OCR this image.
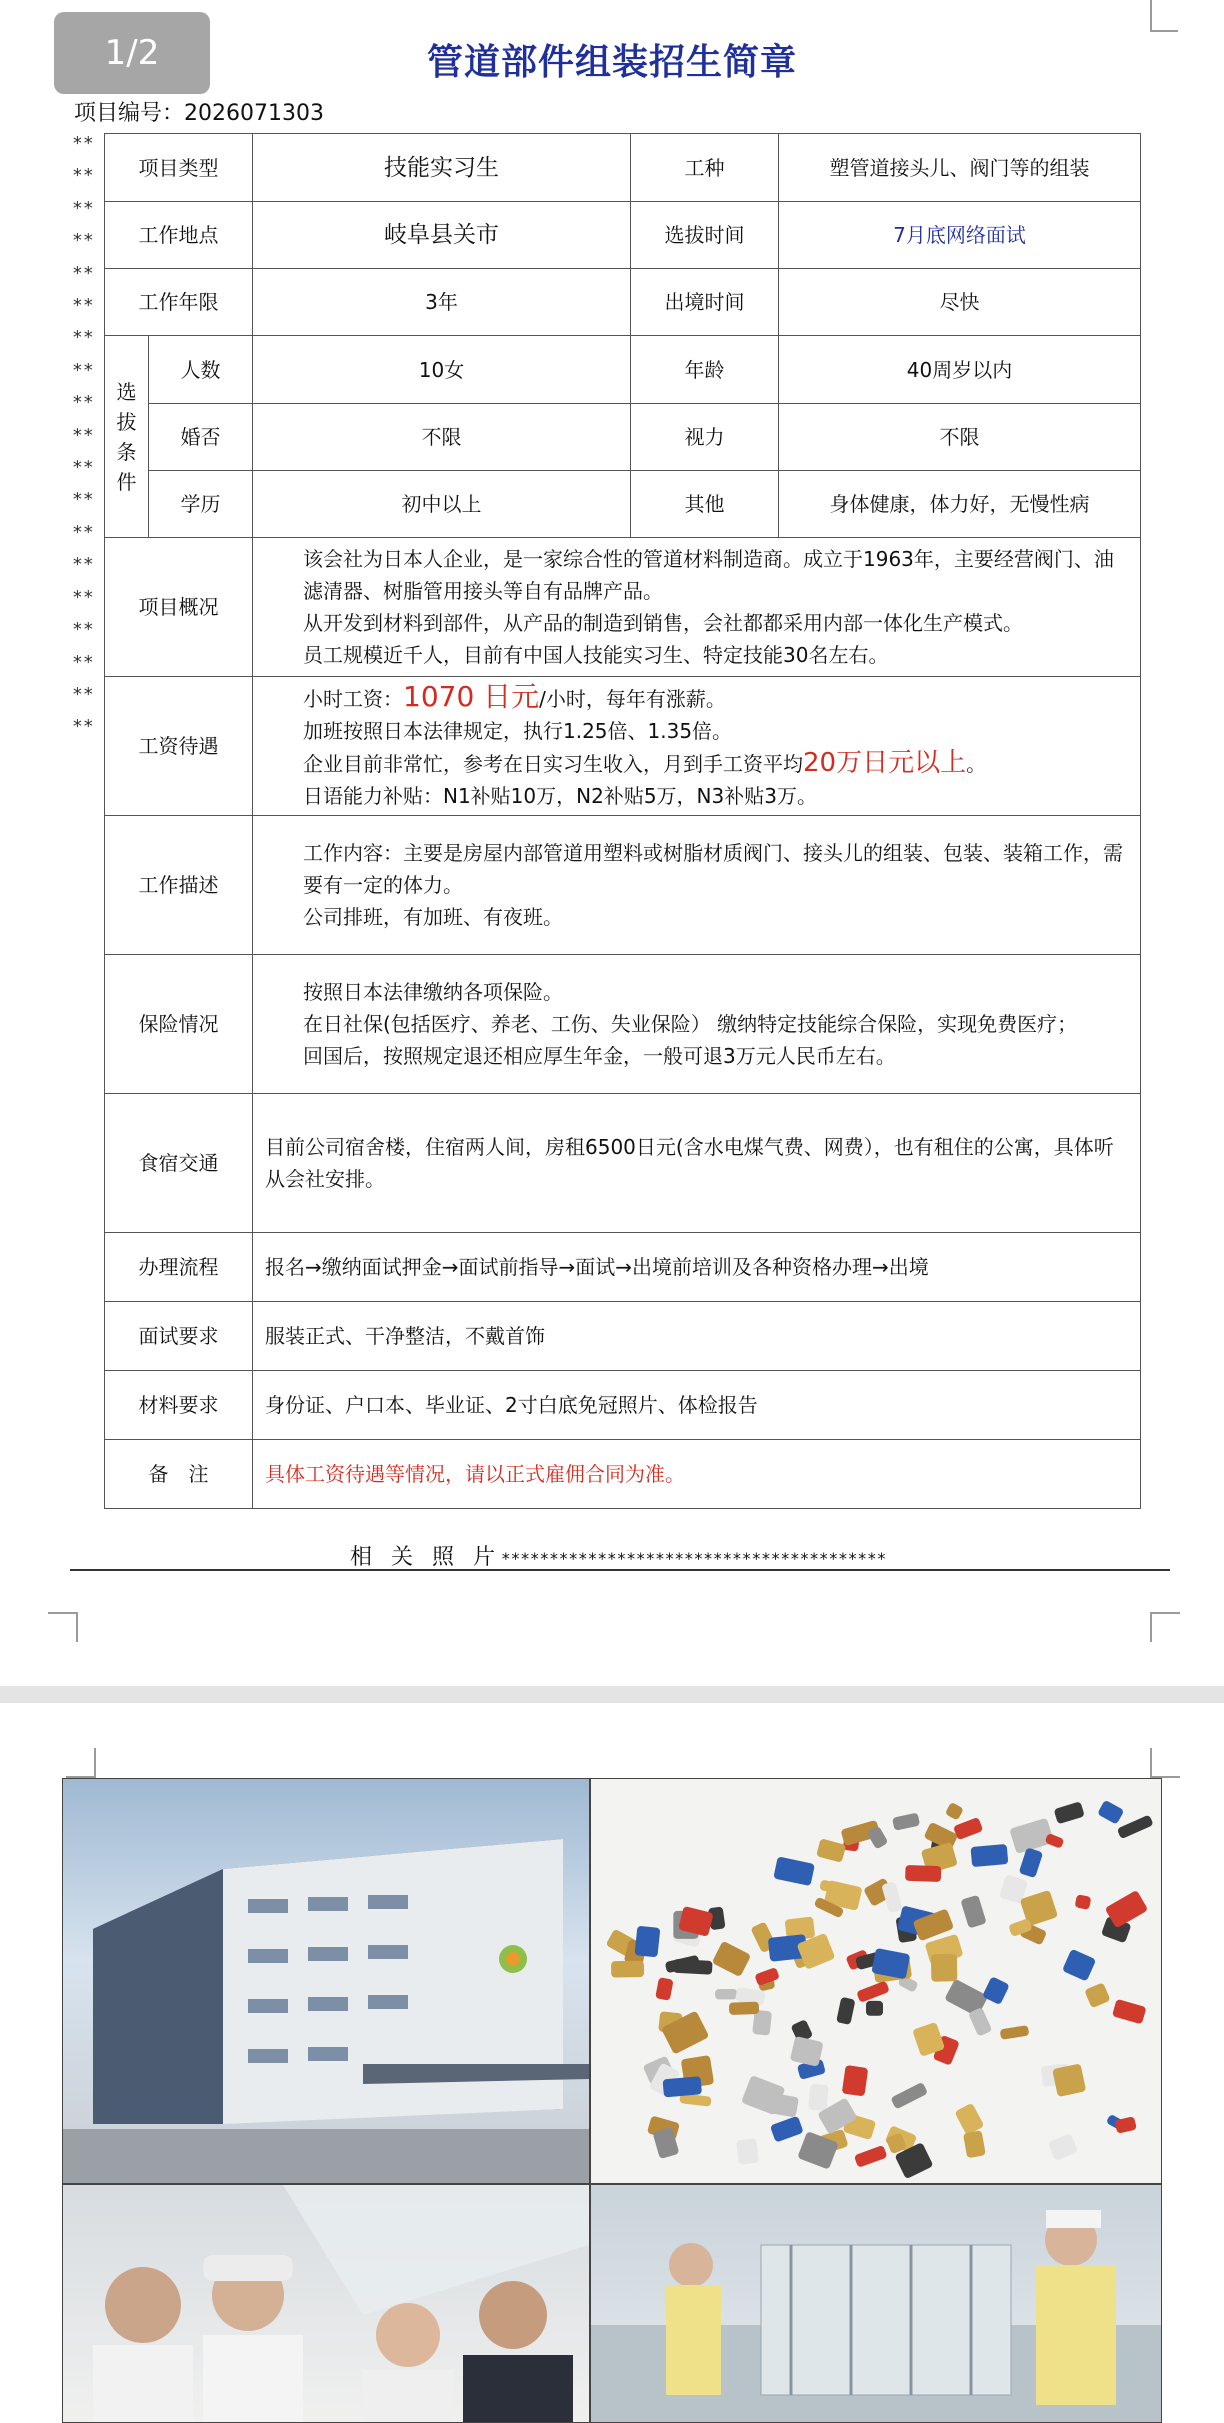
1/2	管道部件组装招生简章
项目编号：2026071303
**
**
**
**
**
**
**
**
**
**
**
**
**
**
**
**
**
**
**
项目类型		技能实习生	工种	塑管道接头儿、阀门等的组装
工作地点		岐阜县关市	选拔时间	7月底网络面试
工作年限		3年	出境时间	尽快

选
拔
条
件	人数	10女	年龄	40周岁以内
	婚否	不限	视力	不限
	学历	初中以上	其他	身体健康，体力好，无慢性病
项目概况		该会社为日本人企业，是一家综合性的管道材料制造商。成立于1963年，主要经营阀门、油滤清器、树脂管用接头等自有品牌产品。
从开发到材料到部件，从产品的制造到销售，会社都都采用内部一体化生产模式。
员工规模近千人，目前有中国人技能实习生、特定技能30名左右。		

工资待遇		小时工资：1070 日元/小时，每年有涨薪。
加班按照日本法律规定，执行1.25倍、1.35倍。
企业目前非常忙，参考在日实习生收入，月到手工资平均20万日元以上。
日语能力补贴：N1补贴10万，N2补贴5万，N3补贴3万。		

工作描述		工作内容：主要是房屋内部管道用塑料或树脂材质阀门、接头儿的组装、包装、装箱工作，需要有一定的体力。
公司排班，有加班、有夜班。		

保险情况		按照日本法律缴纳各项保险。
在日社保(包括医疗、养老、工伤、失业保险） 缴纳特定技能综合保险，实现免费医疗；
回国后，按照规定退还相应厚生年金，一般可退3万元人民币左右。		

食宿交通		目前公司宿舍楼，住宿两人间，房租6500日元(含水电煤气费、网费），也有租住的公寓，具体听从会社安排。		
办理流程		报名→缴纳面试押金→面试前指导→面试→出境前培训及各种资格办理→出境		
面试要求		服装正式、干净整洁，不戴首饰		
材料要求		身份证、户口本、毕业证、2寸白底免冠照片、体检报告		
备　注		具体工资待遇等情况，请以正式雇佣合同为准。		
相 关 照 片****************************************
